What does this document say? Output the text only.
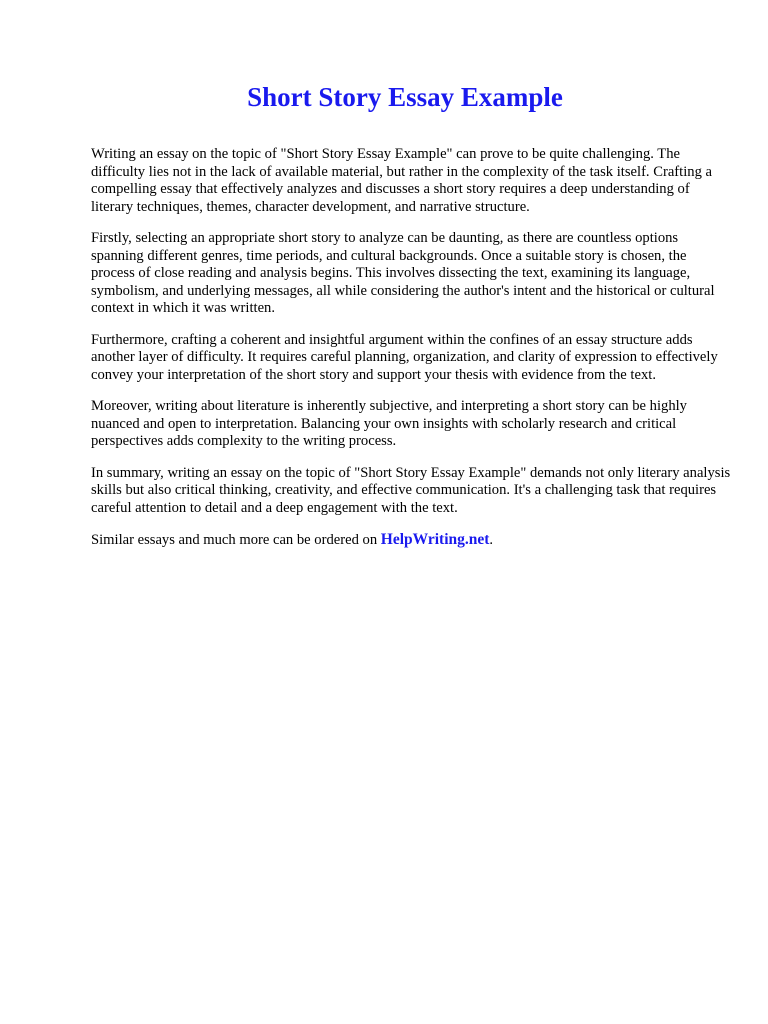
Short Story Essay Example

Writing an essay on the topic of "Short Story Essay Example" can prove to be quite challenging. The difficulty lies not in the lack of available material, but rather in the complexity of the task itself. Crafting a compelling essay that effectively analyzes and discusses a short story requires a deep understanding of literary techniques, themes, character development, and narrative structure.

Firstly, selecting an appropriate short story to analyze can be daunting, as there are countless options spanning different genres, time periods, and cultural backgrounds. Once a suitable story is chosen, the process of close reading and analysis begins. This involves dissecting the text, examining its language, symbolism, and underlying messages, all while considering the author's intent and the historical or cultural context in which it was written.

Furthermore, crafting a coherent and insightful argument within the confines of an essay structure adds another layer of difficulty. It requires careful planning, organization, and clarity of expression to effectively convey your interpretation of the short story and support your thesis with evidence from the text.

Moreover, writing about literature is inherently subjective, and interpreting a short story can be highly nuanced and open to interpretation. Balancing your own insights with scholarly research and critical perspectives adds complexity to the writing process.

In summary, writing an essay on the topic of "Short Story Essay Example" demands not only literary analysis skills but also critical thinking, creativity, and effective communication. It's a challenging task that requires careful attention to detail and a deep engagement with the text.

Similar essays and much more can be ordered on HelpWriting.net.
